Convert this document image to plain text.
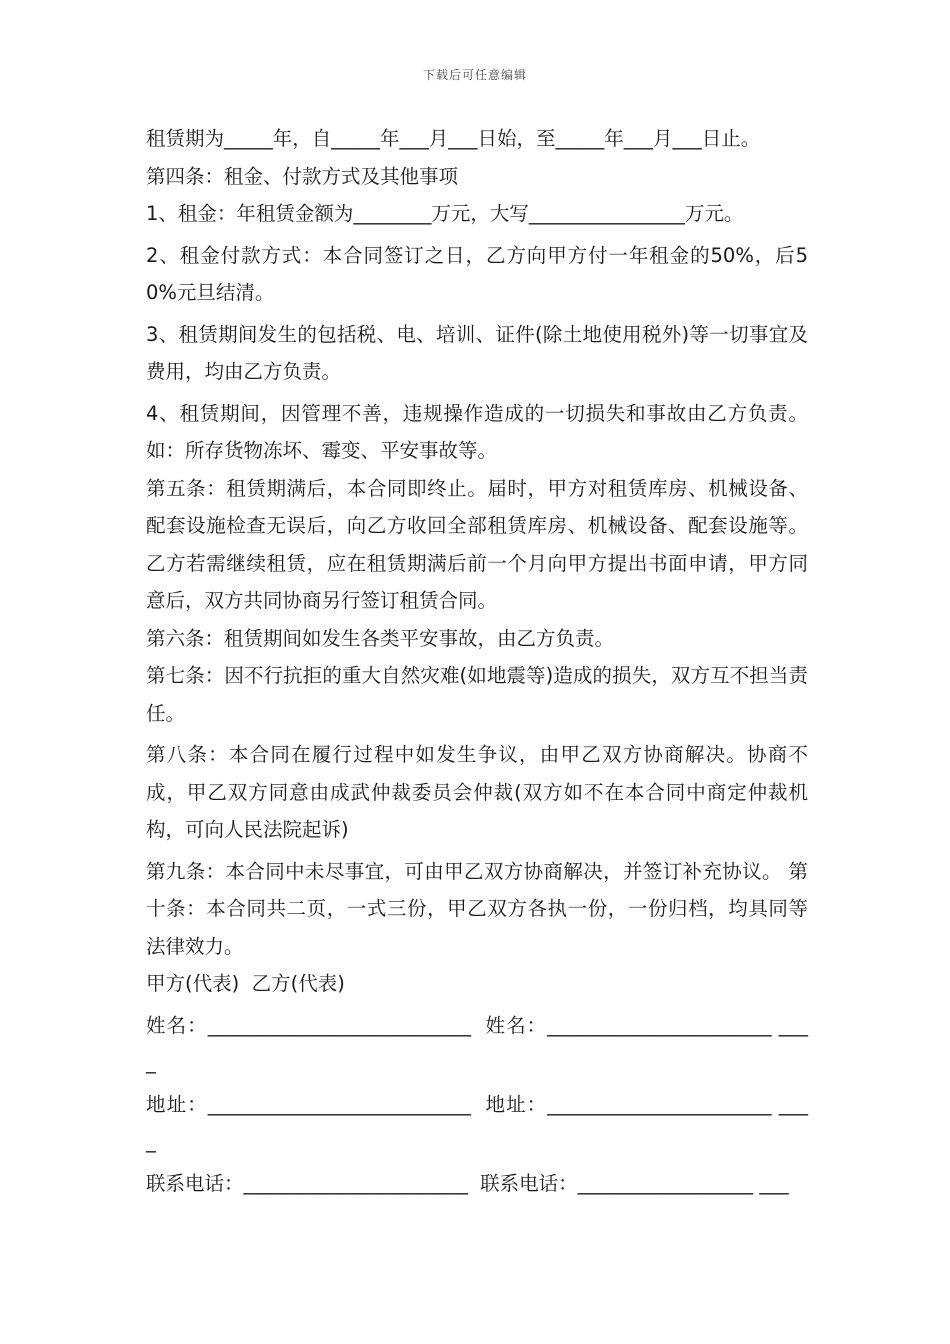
下载后可任意编辑

租赁期为_____年，自_____年___月___日始，至_____年___月___日止。

第四条：租金、付款方式及其他事项

1、租金：年租赁金额为________万元，大写________________万元。

2、租金付款方式：本合同签订之日，乙方向甲方付一年租金的50%，后50%元旦结清。

3、租赁期间发生的包括税、电、培训、证件(除土地使用税外)等一切事宜及费用，均由乙方负责。

4、租赁期间，因管理不善，违规操作造成的一切损失和事故由乙方负责。如：所存货物冻坏、霉变、平安事故等。

第五条：租赁期满后，本合同即终止。届时，甲方对租赁库房、机械设备、配套设施检查无误后，向乙方收回全部租赁库房、机械设备、配套设施等。乙方若需继续租赁，应在租赁期满后前一个月向甲方提出书面申请，甲方同意后，双方共同协商另行签订租赁合同。

第六条：租赁期间如发生各类平安事故，由乙方负责。

第七条：因不行抗拒的重大自然灾难(如地震等)造成的损失，双方互不担当责任。

第八条：本合同在履行过程中如发生争议，由甲乙双方协商解决。协商不成，甲乙双方同意由成武仲裁委员会仲裁(双方如不在本合同中商定仲裁机构，可向人民法院起诉)

第九条：本合同中未尽事宜，可由甲乙双方协商解决，并签订补充协议。 第十条：本合同共二页，一式三份，甲乙双方各执一份，一份归档，均具同等法律效力。

甲方(代表)  乙方(代表)

姓名：___________________________  姓名：_______________________ ____

地址：___________________________  地址：_______________________ ____

联系电话：_______________________  联系电话：__________________ ___
